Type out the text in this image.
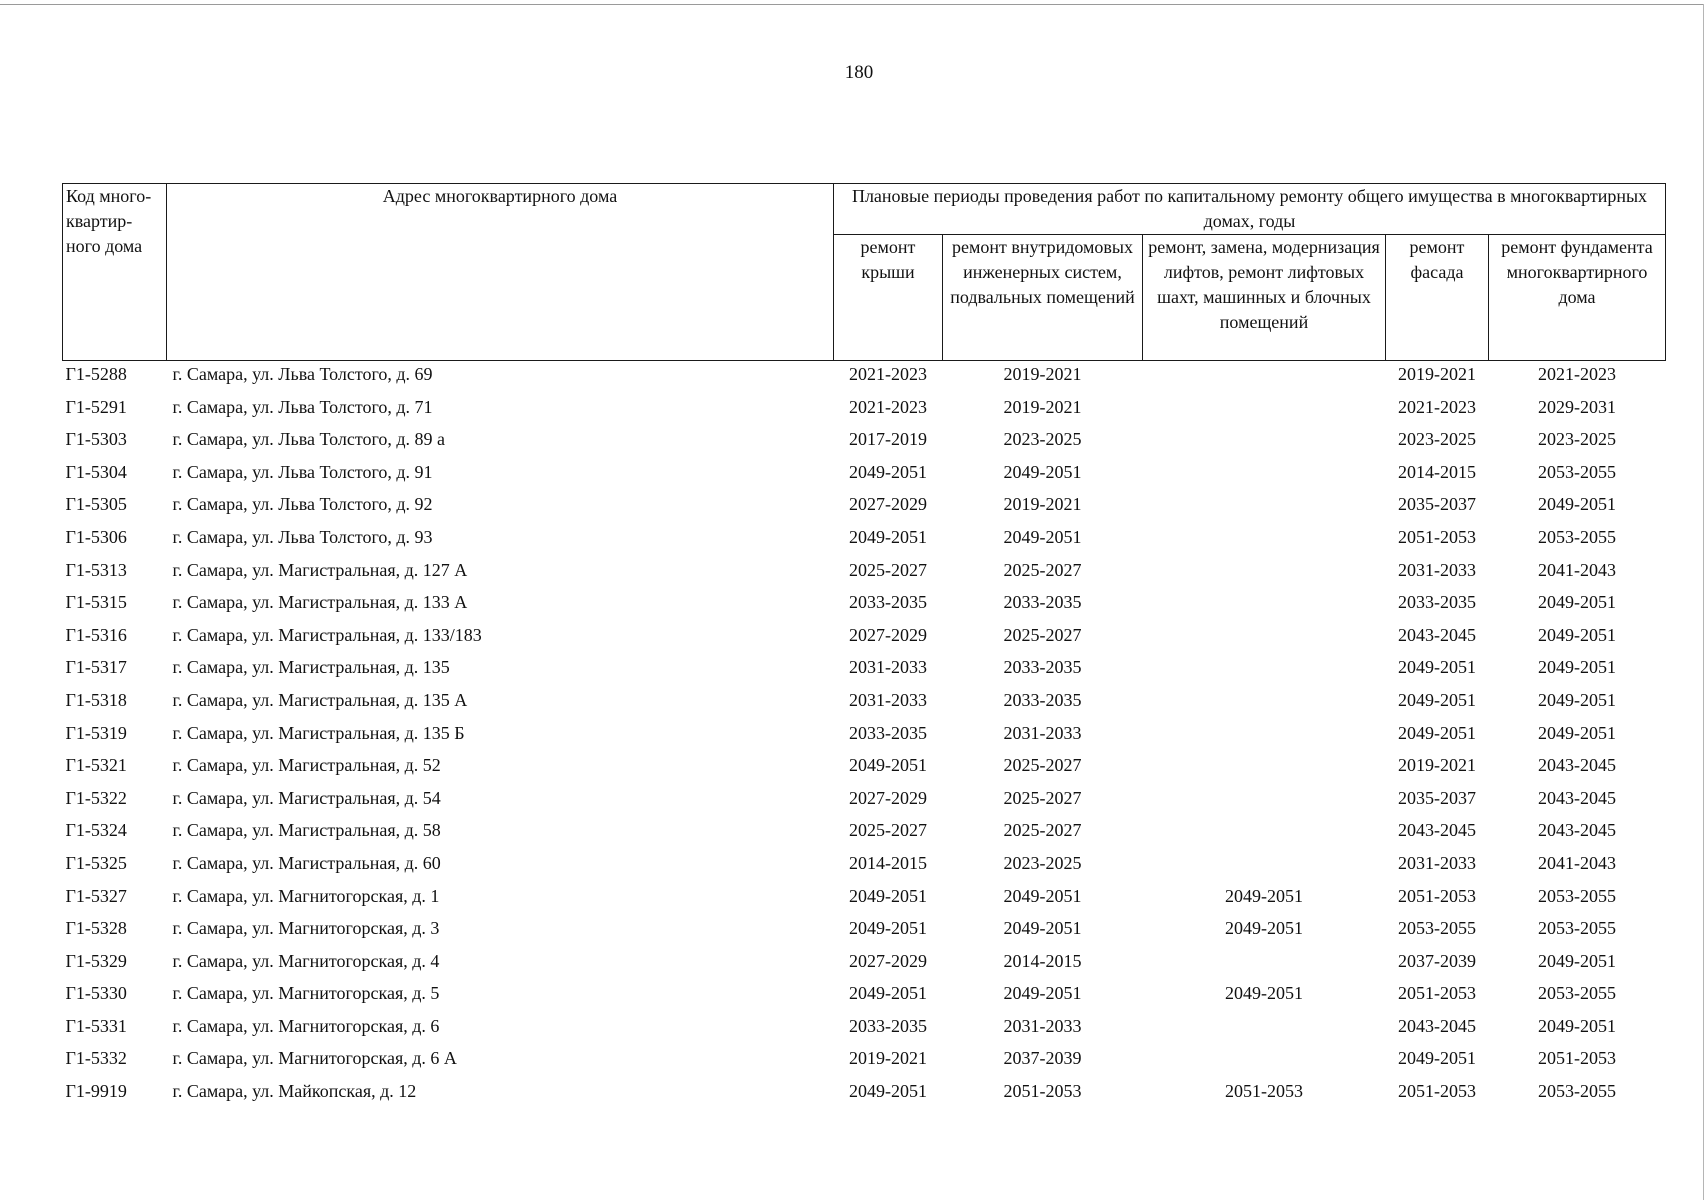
180
Код много-квартир-ного дома	Адрес многоквартирного дома	Плановые периоды проведения работ по капитальному ремонту общего имущества в многоквартирных домах, годы				
		ремонт крыши	ремонт внутридомовых инженерных систем, подвальных помещений	ремонт, замена, модернизация лифтов, ремонт лифтовых шахт, машинных и блочных помещений	ремонт фасада	ремонт фундамента многоквартирного дома
Г1-5288	г. Самара, ул. Льва Толстого, д. 69	2021-2023	2019-2021		2019-2021	2021-2023
Г1-5291	г. Самара, ул. Льва Толстого, д. 71	2021-2023	2019-2021		2021-2023	2029-2031
Г1-5303	г. Самара, ул. Льва Толстого, д. 89 а	2017-2019	2023-2025		2023-2025	2023-2025
Г1-5304	г. Самара, ул. Льва Толстого, д. 91	2049-2051	2049-2051		2014-2015	2053-2055
Г1-5305	г. Самара, ул. Льва Толстого, д. 92	2027-2029	2019-2021		2035-2037	2049-2051
Г1-5306	г. Самара, ул. Льва Толстого, д. 93	2049-2051	2049-2051		2051-2053	2053-2055
Г1-5313	г. Самара, ул. Магистральная, д. 127 А	2025-2027	2025-2027		2031-2033	2041-2043
Г1-5315	г. Самара, ул. Магистральная, д. 133 А	2033-2035	2033-2035		2033-2035	2049-2051
Г1-5316	г. Самара, ул. Магистральная, д. 133/183	2027-2029	2025-2027		2043-2045	2049-2051
Г1-5317	г. Самара, ул. Магистральная, д. 135	2031-2033	2033-2035		2049-2051	2049-2051
Г1-5318	г. Самара, ул. Магистральная, д. 135 А	2031-2033	2033-2035		2049-2051	2049-2051
Г1-5319	г. Самара, ул. Магистральная, д. 135 Б	2033-2035	2031-2033		2049-2051	2049-2051
Г1-5321	г. Самара, ул. Магистральная, д. 52	2049-2051	2025-2027		2019-2021	2043-2045
Г1-5322	г. Самара, ул. Магистральная, д. 54	2027-2029	2025-2027		2035-2037	2043-2045
Г1-5324	г. Самара, ул. Магистральная, д. 58	2025-2027	2025-2027		2043-2045	2043-2045
Г1-5325	г. Самара, ул. Магистральная, д. 60	2014-2015	2023-2025		2031-2033	2041-2043
Г1-5327	г. Самара, ул. Магнитогорская, д. 1	2049-2051	2049-2051	2049-2051	2051-2053	2053-2055
Г1-5328	г. Самара, ул. Магнитогорская, д. 3	2049-2051	2049-2051	2049-2051	2053-2055	2053-2055
Г1-5329	г. Самара, ул. Магнитогорская, д. 4	2027-2029	2014-2015		2037-2039	2049-2051
Г1-5330	г. Самара, ул. Магнитогорская, д. 5	2049-2051	2049-2051	2049-2051	2051-2053	2053-2055
Г1-5331	г. Самара, ул. Магнитогорская, д. 6	2033-2035	2031-2033		2043-2045	2049-2051
Г1-5332	г. Самара, ул. Магнитогорская, д. 6 А	2019-2021	2037-2039		2049-2051	2051-2053
Г1-9919	г. Самара, ул. Майкопская, д. 12	2049-2051	2051-2053	2051-2053	2051-2053	2053-2055
